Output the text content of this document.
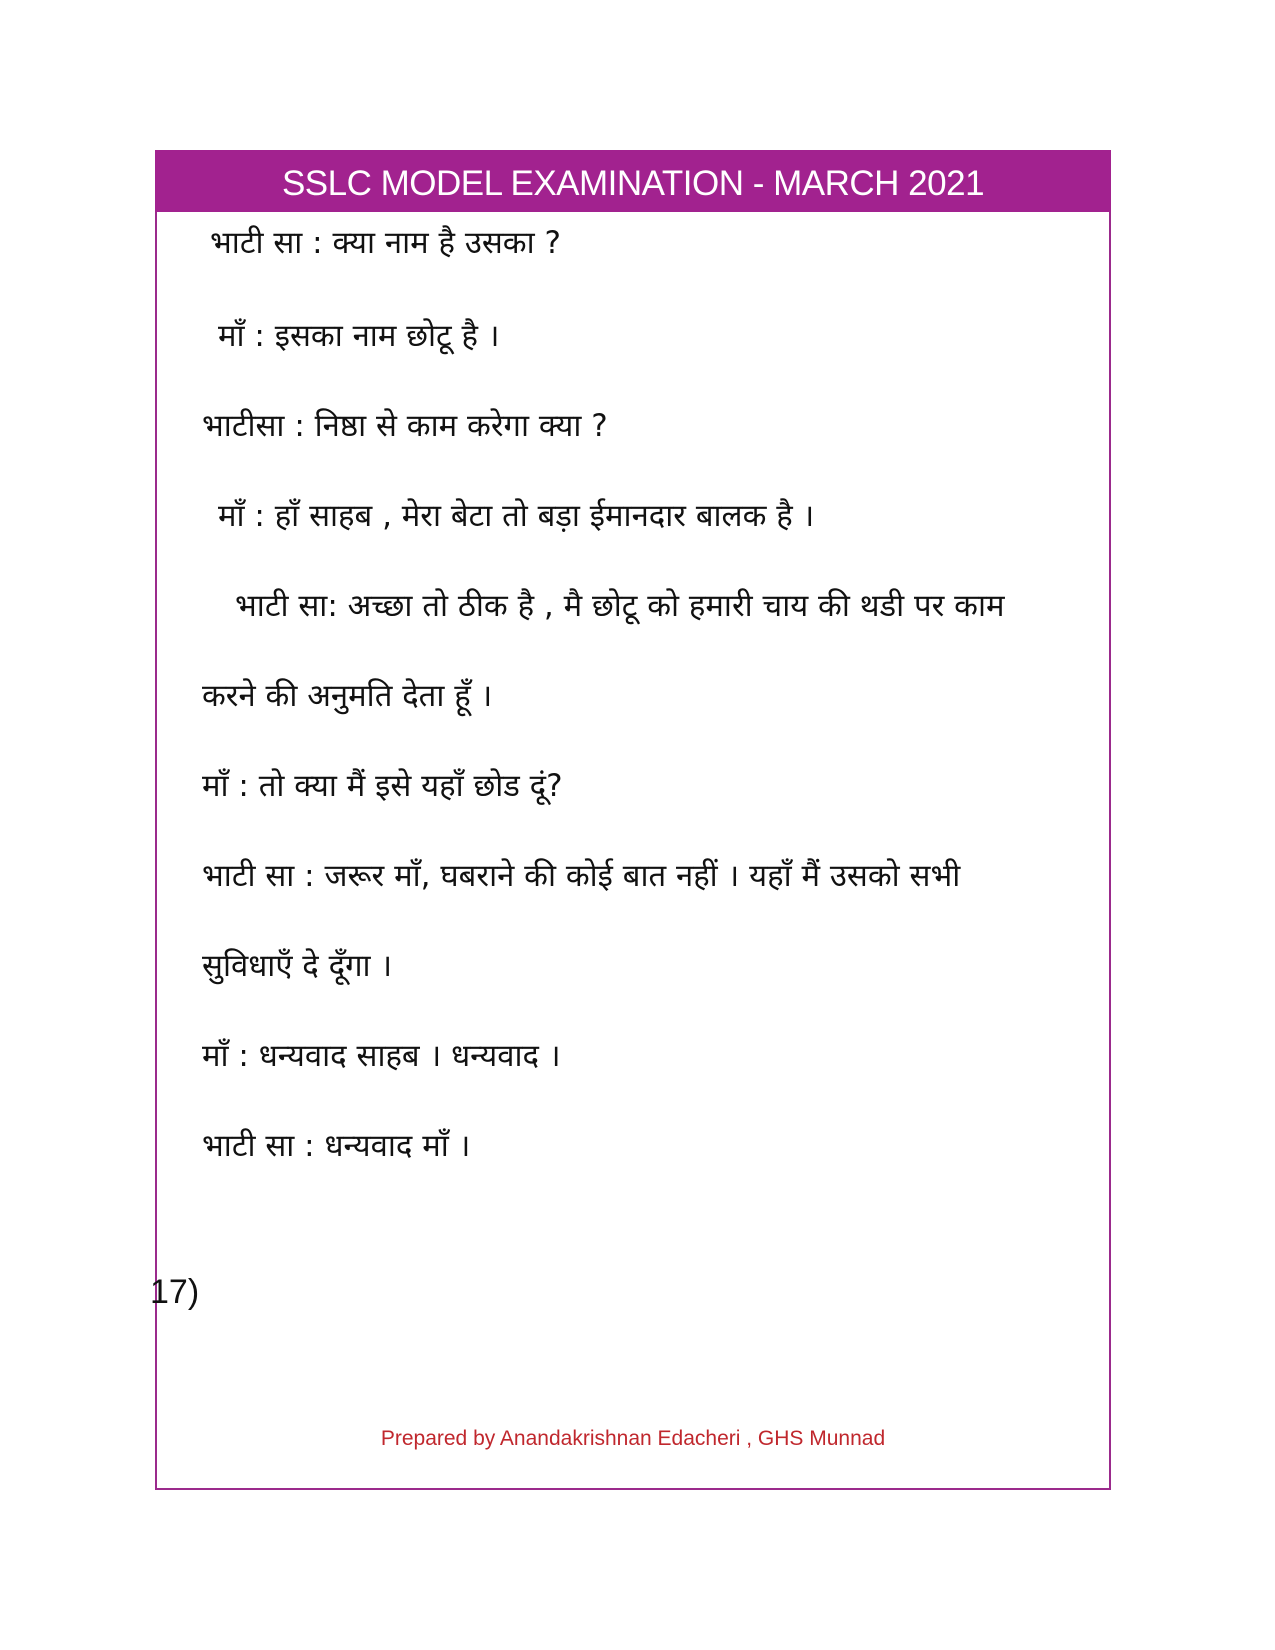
SSLC MODEL EXAMINATION - MARCH 2021
भाटी सा : क्या नाम है उसका ?
माँ : इसका नाम छोटू है ।
भाटीसा : निष्ठा से काम करेगा क्या ?
माँ : हाँ साहब , मेरा बेटा तो बड़ा ईमानदार बालक है ।
भाटी सा: अच्छा तो ठीक है , मै छोटू को हमारी चाय की थडी पर काम
करने की अनुमति देता हूँ ।
माँ : तो क्या मैं इसे यहाँ छोड दूं?
भाटी सा : जरूर माँ, घबराने की कोई बात नहीं । यहाँ मैं उसको सभी
सुविधाएँ दे दूँगा ।
माँ : धन्यवाद साहब । धन्यवाद ।
भाटी सा : धन्यवाद माँ ।
17)
Prepared by Anandakrishnan Edacheri , GHS Munnad
